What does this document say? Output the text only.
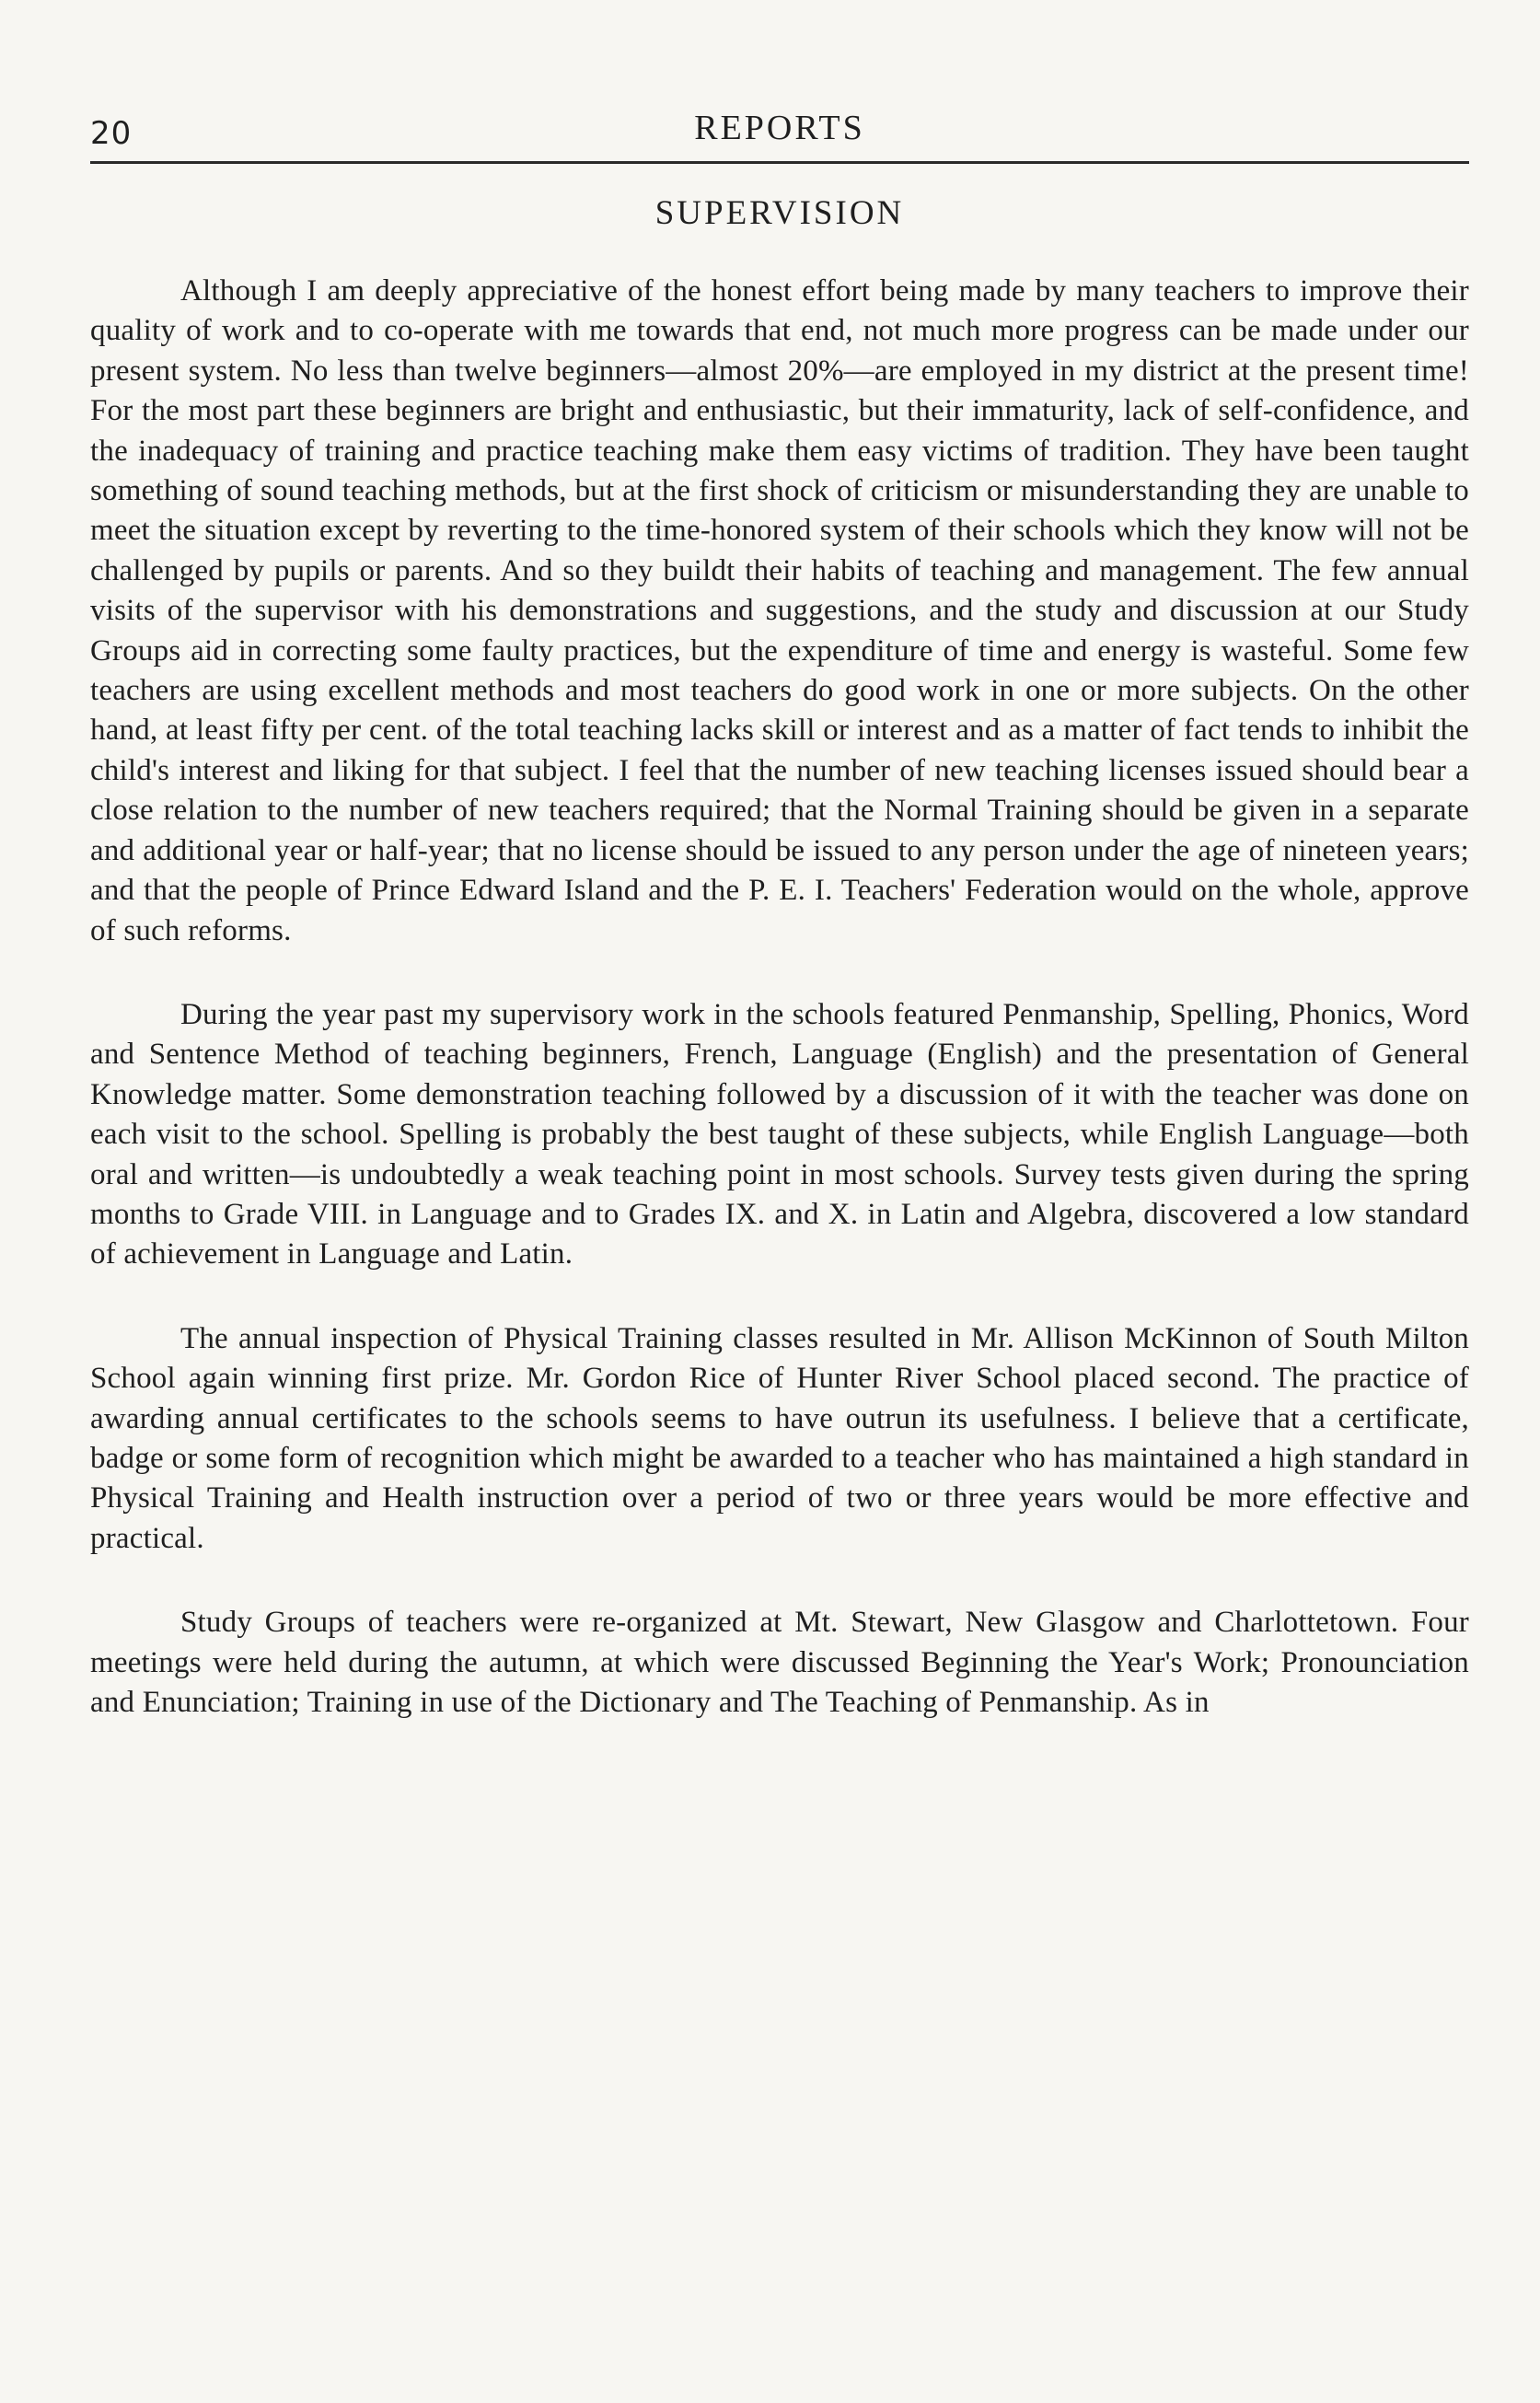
20	REPORTS
SUPERVISION

Although I am deeply appreciative of the honest effort being made by many teachers to improve their quality of work and to co-operate with me towards that end, not much more progress can be made under our present system. No less than twelve beginners—almost 20%—are employed in my district at the present time! For the most part these beginners are bright and enthusiastic, but their immaturity, lack of self-confidence, and the inadequacy of training and practice teaching make them easy victims of tradition. They have been taught something of sound teaching methods, but at the first shock of criticism or misunderstanding they are unable to meet the situation except by reverting to the time-honored system of their schools which they know will not be challenged by pupils or parents. And so they buildt their habits of teaching and management. The few annual visits of the supervisor with his demonstrations and suggestions, and the study and discussion at our Study Groups aid in correcting some faulty practices, but the expenditure of time and energy is wasteful. Some few teachers are using excellent methods and most teachers do good work in one or more subjects. On the other hand, at least fifty per cent. of the total teaching lacks skill or interest and as a matter of fact tends to inhibit the child's interest and liking for that subject. I feel that the number of new teaching licenses issued should bear a close relation to the number of new teachers required; that the Normal Training should be given in a separate and additional year or half-year; that no license should be issued to any person under the age of nineteen years; and that the people of Prince Edward Island and the P. E. I. Teachers' Federation would on the whole, approve of such reforms.

During the year past my supervisory work in the schools featured Penmanship, Spelling, Phonics, Word and Sentence Method of teaching beginners, French, Language (English) and the presentation of General Knowledge matter. Some demonstration teaching followed by a discussion of it with the teacher was done on each visit to the school. Spelling is probably the best taught of these subjects, while English Language—both oral and written—is undoubtedly a weak teaching point in most schools. Survey tests given during the spring months to Grade VIII. in Language and to Grades IX. and X. in Latin and Algebra, discovered a low standard of achievement in Language and Latin.

The annual inspection of Physical Training classes resulted in Mr. Allison McKinnon of South Milton School again winning first prize. Mr. Gordon Rice of Hunter River School placed second. The practice of awarding annual certificates to the schools seems to have outrun its usefulness. I believe that a certificate, badge or some form of recognition which might be awarded to a teacher who has maintained a high standard in Physical Training and Health instruction over a period of two or three years would be more effective and practical.

Study Groups of teachers were re-organized at Mt. Stewart, New Glasgow and Charlottetown. Four meetings were held during the autumn, at which were discussed Beginning the Year's Work; Pronounciation and Enunciation; Training in use of the Dictionary and The Teaching of Penmanship. As in
